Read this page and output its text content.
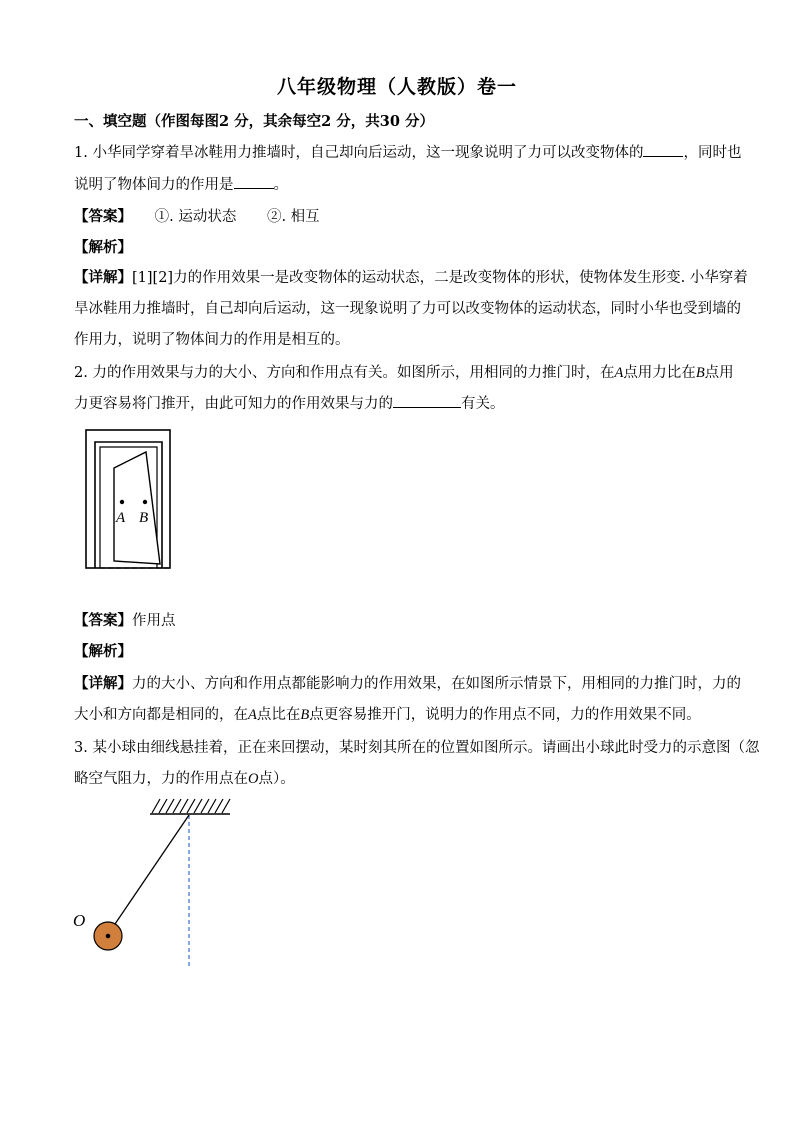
八年级物理（人教版）卷一
一、填空题（作图每图2 分，其余每空2 分，共30 分）
1. 小华同学穿着旱冰鞋用力推墙时，自己却向后运动，这一现象说明了力可以改变物体的	，同时也
说明了物体间力的作用是	。
【答案】 ①. 运动状态 ②. 相互
【解析】
【详解】[1][2]力的作用效果一是改变物体的运动状态，二是改变物体的形状，使物体发生形变. 小华穿着
旱冰鞋用力推墙时，自己却向后运动，这一现象说明了力可以改变物体的运动状态，同时小华也受到墙的
作用力，说明了物体间力的作用是相互的。
2. 力的作用效果与力的大小、方向和作用点有关。如图所示，用相同的力推门时，在A点用力比在B点用
力更容易将门推开，由此可知力的作用效果与力的	有关。
A B
【答案】作用点
【解析】
【详解】力的大小、方向和作用点都能影响力的作用效果，在如图所示情景下，用相同的力推门时，力的
大小和方向都是相同的，在A点比在B点更容易推开门，说明力的作用点不同，力的作用效果不同。
3. 某小球由细线悬挂着，正在来回摆动，某时刻其所在的位置如图所示。请画出小球此时受力的示意图（忽
略空气阻力，力的作用点在O点）。
O
